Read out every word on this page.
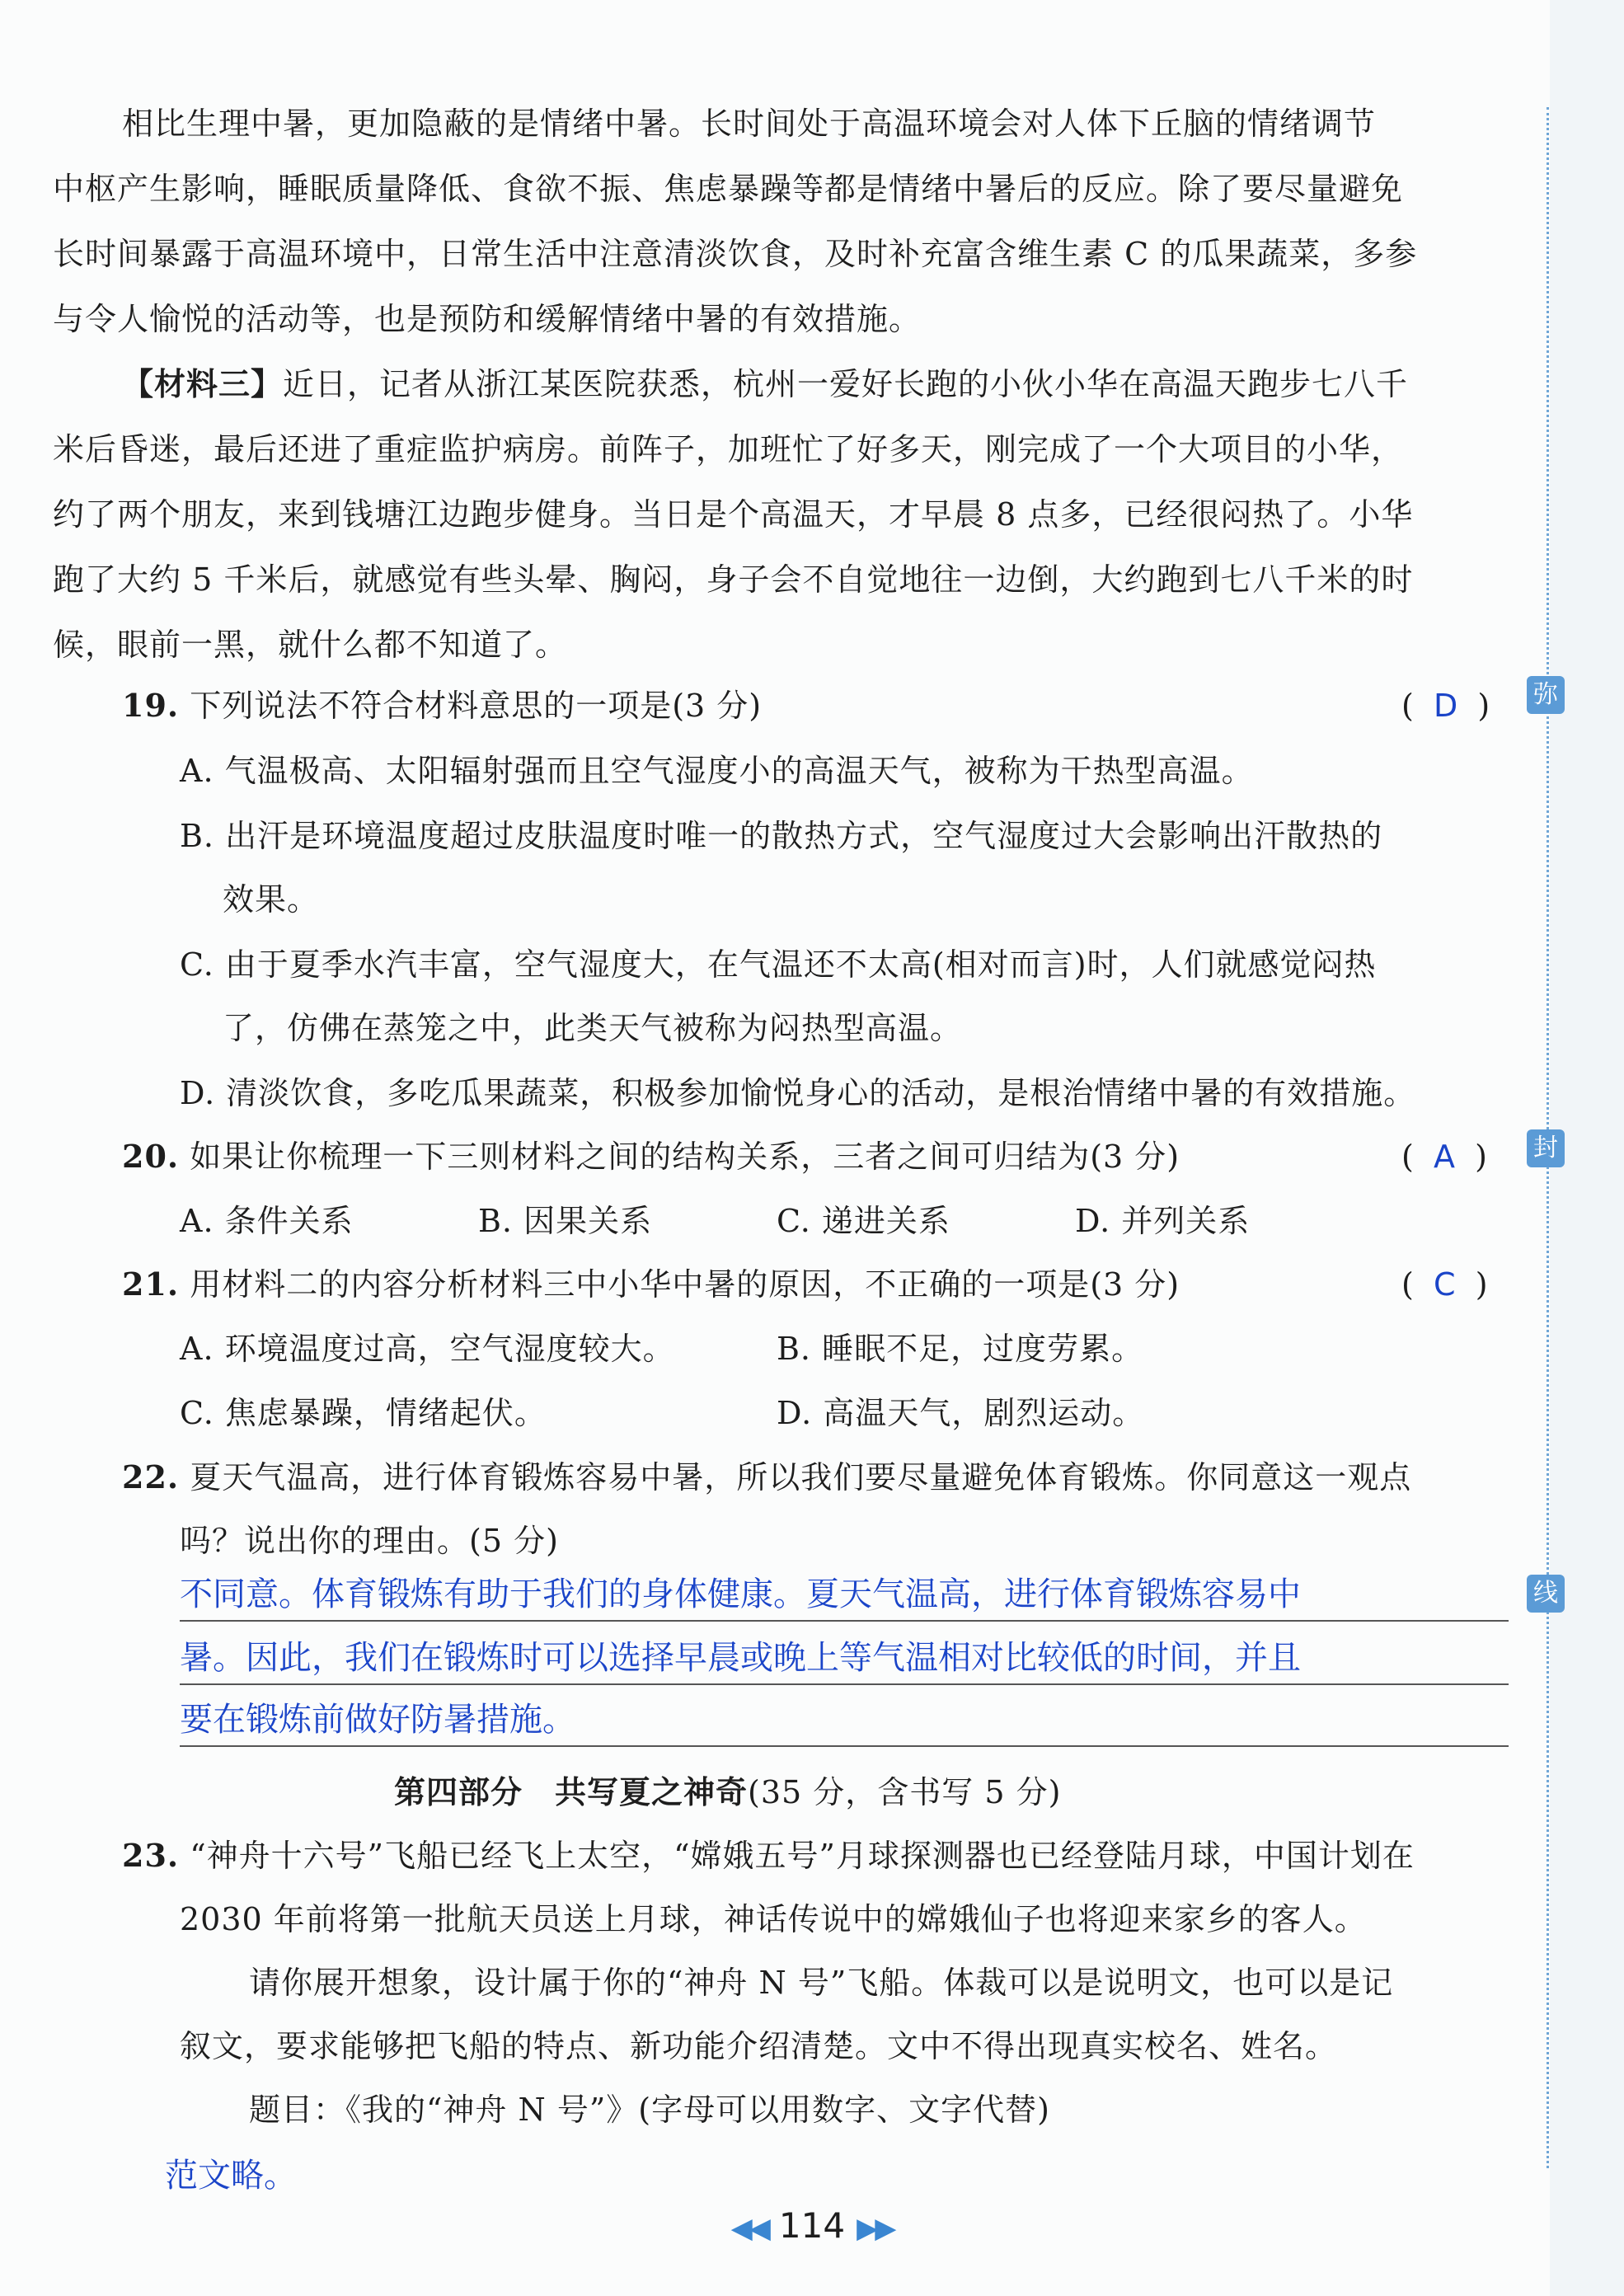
弥
封
线
相比生理中暑，更加隐蔽的是情绪中暑。长时间处于高温环境会对人体下丘脑的情绪调节
中枢产生影响，睡眠质量降低、食欲不振、焦虑暴躁等都是情绪中暑后的反应。除了要尽量避免
长时间暴露于高温环境中，日常生活中注意清淡饮食，及时补充富含维生素 C 的瓜果蔬菜，多参
与令人愉悦的活动等，也是预防和缓解情绪中暑的有效措施。
【材料三】近日，记者从浙江某医院获悉，杭州一爱好长跑的小伙小华在高温天跑步七八千
米后昏迷，最后还进了重症监护病房。前阵子，加班忙了好多天，刚完成了一个大项目的小华，
约了两个朋友，来到钱塘江边跑步健身。当日是个高温天，才早晨 8 点多，已经很闷热了。小华
跑了大约 5 千米后，就感觉有些头晕、胸闷，身子会不自觉地往一边倒，大约跑到七八千米的时
候，眼前一黑，就什么都不知道了。
19. 下列说法不符合材料意思的一项是(3 分)	(  D  )
A. 气温极高、太阳辐射强而且空气湿度小的高温天气，被称为干热型高温。
B. 出汗是环境温度超过皮肤温度时唯一的散热方式，空气湿度过大会影响出汗散热的
效果。
C. 由于夏季水汽丰富，空气湿度大，在气温还不太高(相对而言)时，人们就感觉闷热
了，仿佛在蒸笼之中，此类天气被称为闷热型高温。
D. 清淡饮食，多吃瓜果蔬菜，积极参加愉悦身心的活动，是根治情绪中暑的有效措施。
20. 如果让你梳理一下三则材料之间的结构关系，三者之间可归结为(3 分)	(  A  )
A. 条件关系	B. 因果关系	C. 递进关系	D. 并列关系
21. 用材料二的内容分析材料三中小华中暑的原因，不正确的一项是(3 分)	(  C  )
A. 环境温度过高，空气湿度较大。	B. 睡眠不足，过度劳累。
C. 焦虑暴躁，情绪起伏。	D. 高温天气，剧烈运动。
22. 夏天气温高，进行体育锻炼容易中暑，所以我们要尽量避免体育锻炼。你同意这一观点
吗？说出你的理由。(5 分)
不同意。体育锻炼有助于我们的身体健康。夏天气温高，进行体育锻炼容易中
暑。因此，我们在锻炼时可以选择早晨或晚上等气温相对比较低的时间，并且
要在锻炼前做好防暑措施。
第四部分　共写夏之神奇(35 分，含书写 5 分)
23. “神舟十六号”飞船已经飞上太空，“嫦娥五号”月球探测器也已经登陆月球，中国计划在
2030 年前将第一批航天员送上月球，神话传说中的嫦娥仙子也将迎来家乡的客人。
请你展开想象，设计属于你的“神舟 N 号”飞船。体裁可以是说明文，也可以是记
叙文，要求能够把飞船的特点、新功能介绍清楚。文中不得出现真实校名、姓名。
题目：《我的“神舟 N 号”》(字母可以用数字、文字代替)
范文略。
◀◀ 114 ▶▶
